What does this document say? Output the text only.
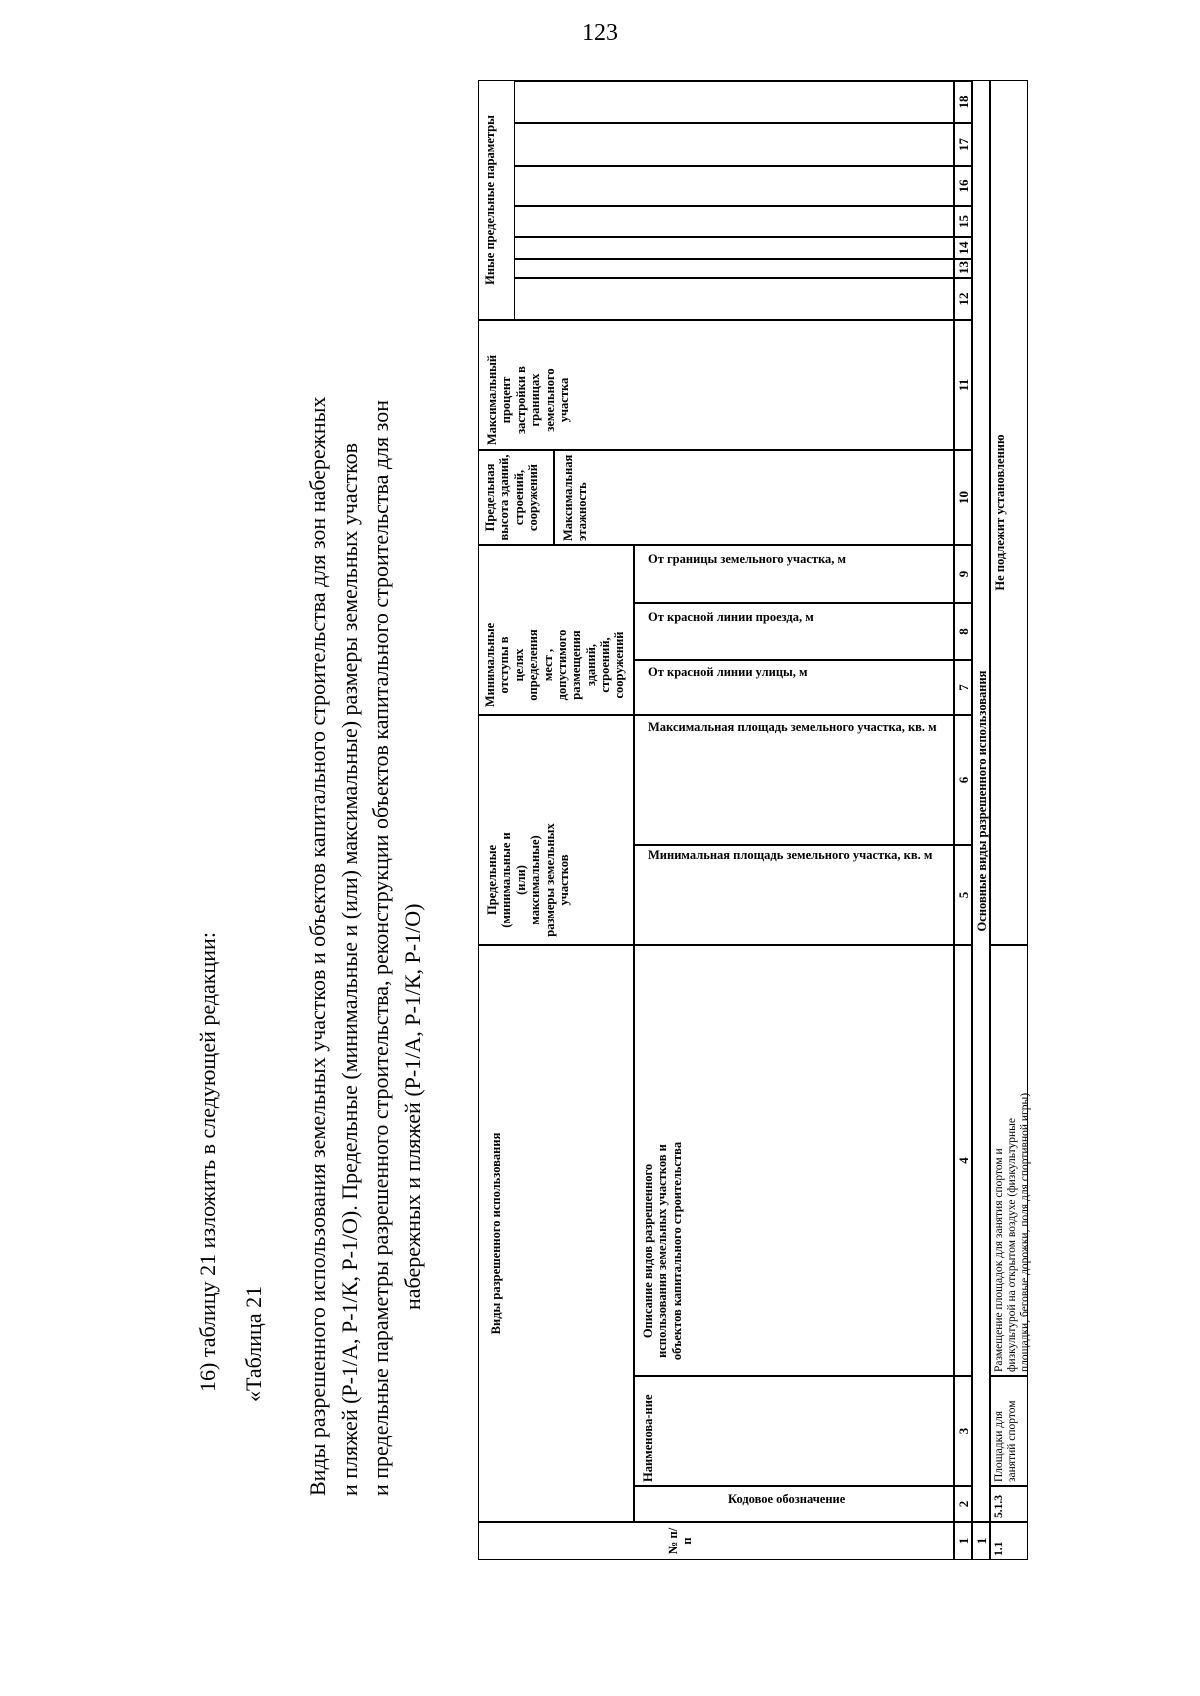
123
16) таблицу 21 изложить в следующей редакции: «Таблица 21 Виды разрешенного использования земельных участков и объектов капитального строительства для зон набережных и пляжей (Р-1/А, Р-1/К, Р-1/О). Предельные (минимальные и (или) максимальные) размеры земельных участков и предельные параметры разрешенного строительства, реконструкции объектов капитального строительства для зон набережных и пляжей (Р-1/А, Р-1/К, Р-1/О)
№ п/п
Виды разрешенного использования
Кодовое обозначение
Наименова-ние
Описание видов разрешенного использования земельных участков и объектов капитального строительства
Предельные (минимальные и (или) максимальные) размеры земельных участков	Минимальная площадь земельного участка, кв. м
Максимальная площадь земельного участка, кв. м
Минимальные отступы в целях определения мест , допустимого размещения зданий, строений, сооружений От красной линии улицы, м
От красной линии проезда, м
От границы земельного участка, м
Предельная высота зданий, строений, сооружений Максимальная этажность
Максимальный процент застройки в границах земельного участка
Иные предельные параметры
1
2
3
4
5
6
7
8
9
10
11
12
13
14
15
16
17
18
1
Основные виды разрешенного использования
1.1
5.1.3
Площадки для занятий спортом
Размещение площадок для занятия спортом и физкультурой на открытом воздухе (физкультурные площадки, беговые дорожки, поля для спортивной игры)
Не подлежит установлению
